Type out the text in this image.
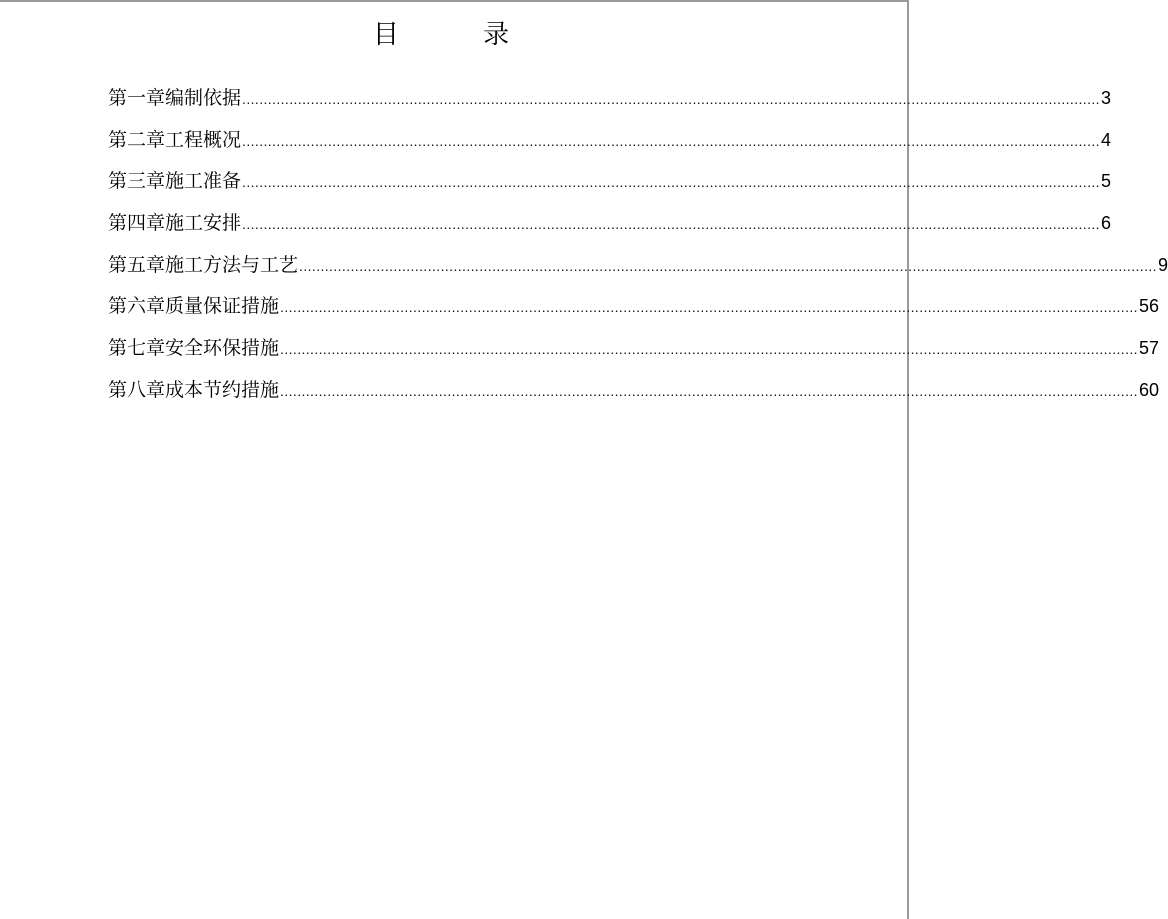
目 录
第一章 编制依据 ........................................................................................................................................................................................................ 3
第二章 工程概况 ........................................................................................................................................................................................................ 4
第三章 施工准备 ........................................................................................................................................................................................................ 5
第四章 施工安排 ........................................................................................................................................................................................................ 6
第五章 施工方法与工艺 ........................................................................................................................................................................................................ 9
第六章 质量保证措施 ........................................................................................................................................................................................................ 56
第七章 安全环保措施 ........................................................................................................................................................................................................ 57
第八章 成本节约措施 ........................................................................................................................................................................................................ 60
